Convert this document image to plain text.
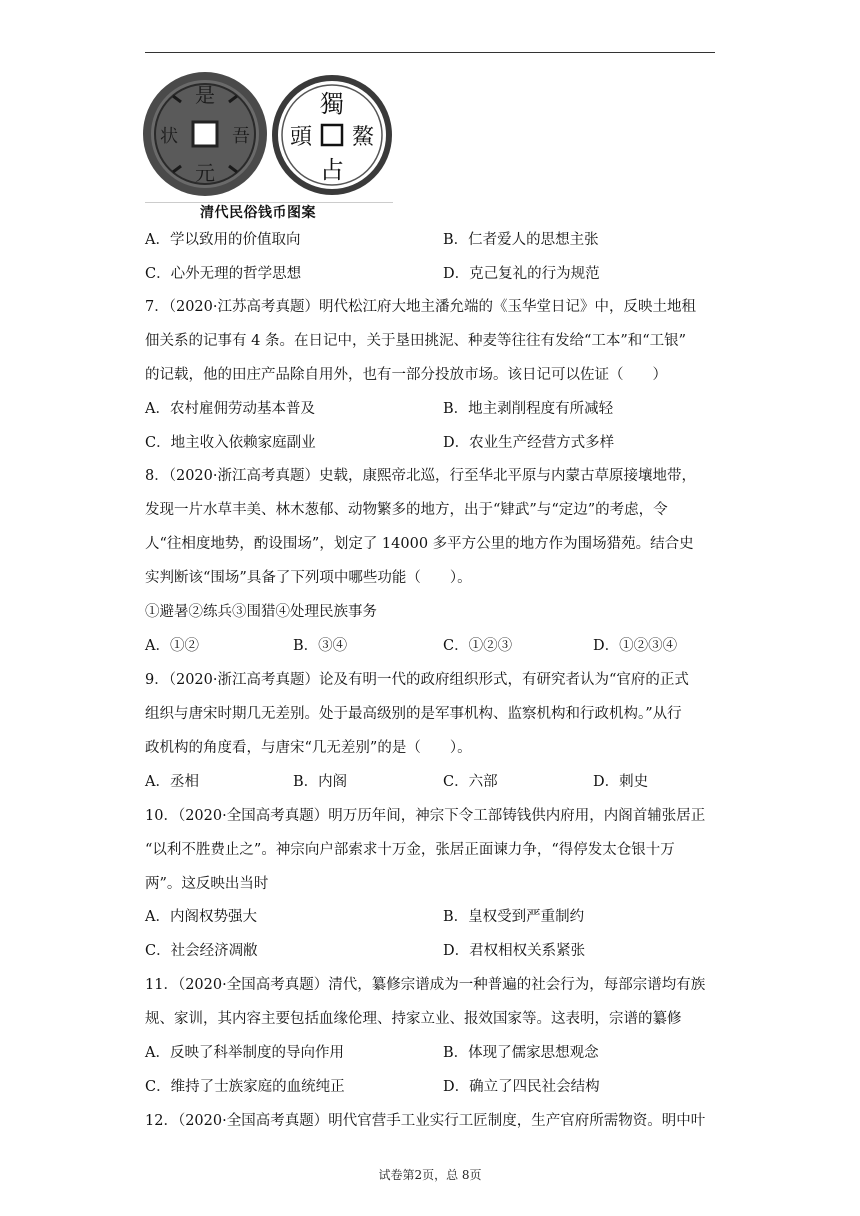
是
元
吾
状
獨
占
鰲
頭
清代民俗钱币图案
A．学以致用的价值取向	B．仁者爱人的思想主张
C．心外无理的哲学思想	D．克己复礼的行为规范
7．（2020·江苏高考真题）明代松江府大地主潘允端的《玉华堂日记》中，反映土地租
佃关系的记事有 4 条。在日记中，关于垦田挑泥、种麦等往往有发给“工本”和“工银”
的记载，他的田庄产品除自用外，也有一部分投放市场。该日记可以佐证（　　）
A．农村雇佣劳动基本普及	B．地主剥削程度有所减轻
C．地主收入依赖家庭副业	D．农业生产经营方式多样
8．（2020·浙江高考真题）史载，康熙帝北巡，行至华北平原与内蒙古草原接壤地带，
发现一片水草丰美、林木葱郁、动物繁多的地方，出于“肄武”与“定边”的考虑，令
人“往相度地势，酌设围场”，划定了 14000 多平方公里的地方作为围场猎苑。结合史
实判断该“围场”具备了下列项中哪些功能（　　）。
①避暑②练兵③围猎④处理民族事务
A．①②	B．③④	C．①②③	D．①②③④
9．（2020·浙江高考真题）论及有明一代的政府组织形式，有研究者认为“官府的正式
组织与唐宋时期几无差别。处于最高级别的是军事机构、监察机构和行政机构。”从行
政机构的角度看，与唐宋“几无差别”的是（　　）。
A．丞相	B．内阁	C．六部	D．刺史
10．（2020·全国高考真题）明万历年间，神宗下令工部铸钱供内府用，内阁首辅张居正
“以利不胜费止之”。神宗向户部索求十万金，张居正面谏力争，“得停发太仓银十万
两”。这反映出当时
A．内阁权势强大	B．皇权受到严重制约
C．社会经济凋敝	D．君权相权关系紧张
11．（2020·全国高考真题）清代，纂修宗谱成为一种普遍的社会行为，每部宗谱均有族
规、家训，其内容主要包括血缘伦理、持家立业、报效国家等。这表明，宗谱的纂修
A．反映了科举制度的导向作用	B．体现了儒家思想观念
C．维持了士族家庭的血统纯正	D．确立了四民社会结构
12．（2020·全国高考真题）明代官营手工业实行工匠制度，生产官府所需物资。明中叶
试卷第2页，总 8页
